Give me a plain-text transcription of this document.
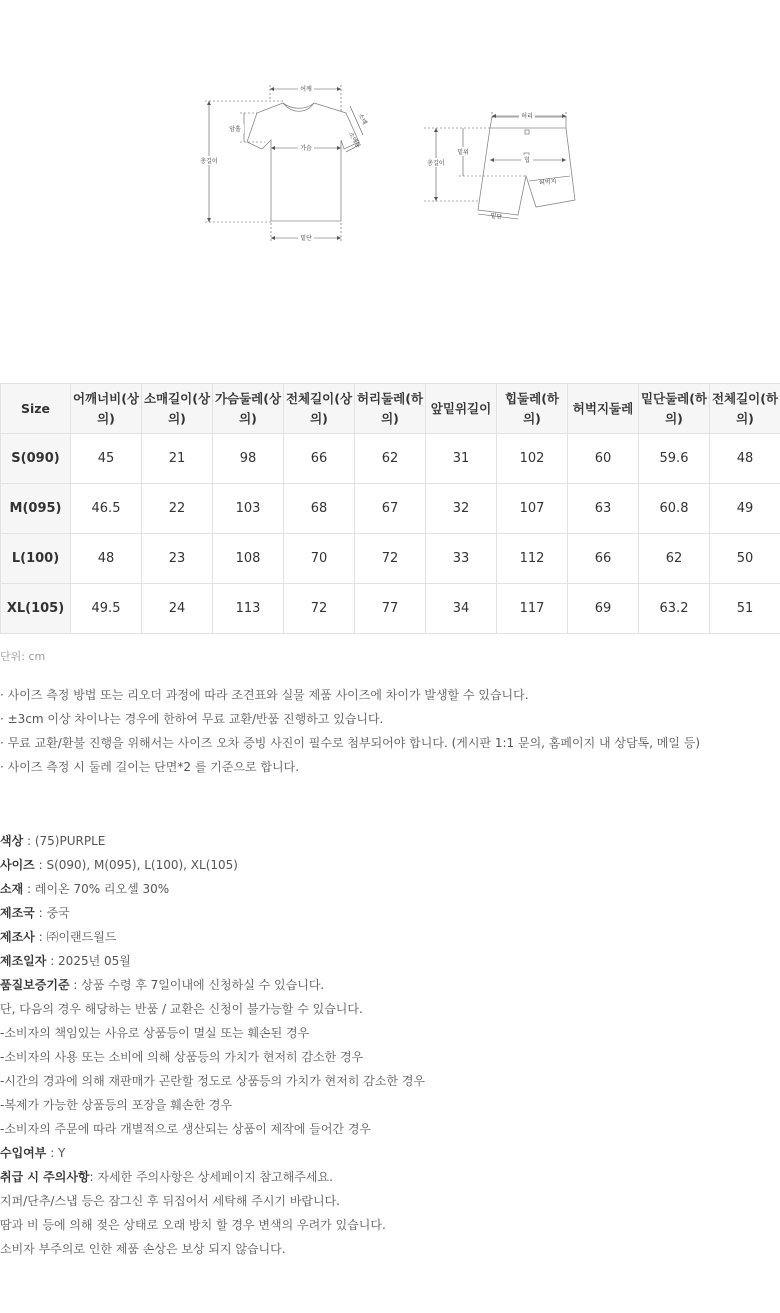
어깨
가슴
밑단
총길이
암홀
소매
소매통
허리
힙
총길이
밑위
허벅지
밑단
Size	어깨너비(상의)	소매길이(상의)	가슴둘레(상의)	전체길이(상의)	허리둘레(하의)	앞밑위길이	힙둘레(하의)	허벅지둘레	밑단둘레(하의)	전체길이(하의)
S(090)	45	21	98	66	62	31	102	60	59.6	48
M(095)	46.5	22	103	68	67	32	107	63	60.8	49
L(100)	48	23	108	70	72	33	112	66	62	50
XL(105)	49.5	24	113	72	77	34	117	69	63.2	51
단위: cm
· 사이즈 측정 방법 또는 리오더 과정에 따라 조견표와 실물 제품 사이즈에 차이가 발생할 수 있습니다.
· ±3cm 이상 차이나는 경우에 한하여 무료 교환/반품 진행하고 있습니다.
· 무료 교환/환불 진행을 위해서는 사이즈 오차 증빙 사진이 필수로 첨부되어야 합니다. (게시판 1:1 문의, 홈페이지 내 상담톡, 메일 등)
· 사이즈 측정 시 둘레 길이는 단면*2 를 기준으로 합니다.
색상 : (75)PURPLE
사이즈 : S(090), M(095), L(100), XL(105)
소재 : 레이온 70% 리오셀 30%
제조국 : 중국
제조사 : ㈜이랜드월드
제조일자 : 2025년 05월
품질보증기준 : 상품 수령 후 7일이내에 신청하실 수 있습니다.
단, 다음의 경우 해당하는 반품 / 교환은 신청이 불가능할 수 있습니다.
-소비자의 책임있는 사유로 상품등이 멸실 또는 훼손된 경우
-소비자의 사용 또는 소비에 의해 상품등의 가치가 현저히 감소한 경우
-시간의 경과에 의해 재판매가 곤란할 정도로 상품등의 가치가 현저히 감소한 경우
-복제가 가능한 상품등의 포장을 훼손한 경우
-소비자의 주문에 따라 개별적으로 생산되는 상품이 제작에 들어간 경우
수입여부 : Y
취급 시 주의사항: 자세한 주의사항은 상세페이지 참고해주세요.
지퍼/단추/스냅 등은 잠그신 후 뒤집어서 세탁해 주시기 바랍니다.
땀과 비 등에 의해 젖은 상태로 오래 방치 할 경우 변색의 우려가 있습니다.
소비자 부주의로 인한 제품 손상은 보상 되지 않습니다.
